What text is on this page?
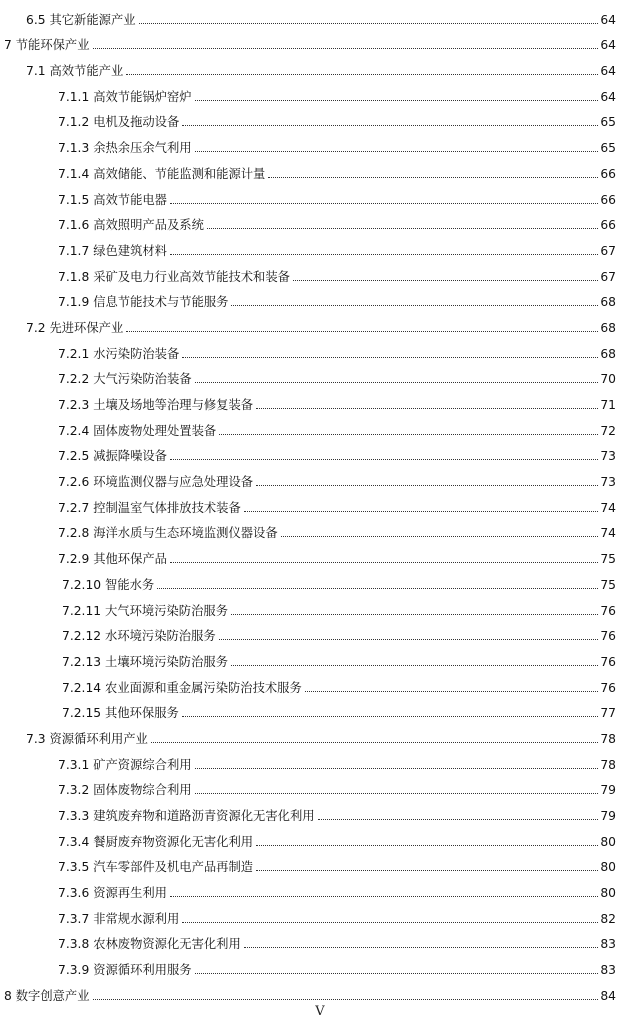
6.5 其它新能源产业	64
7 节能环保产业	64
7.1 高效节能产业	64
7.1.1 高效节能锅炉窑炉	64
7.1.2 电机及拖动设备	65
7.1.3 余热余压余气利用	65
7.1.4 高效储能、节能监测和能源计量	66
7.1.5 高效节能电器	66
7.1.6 高效照明产品及系统	66
7.1.7 绿色建筑材料	67
7.1.8 采矿及电力行业高效节能技术和装备	67
7.1.9 信息节能技术与节能服务	68
7.2 先进环保产业	68
7.2.1 水污染防治装备	68
7.2.2 大气污染防治装备	70
7.2.3 土壤及场地等治理与修复装备	71
7.2.4 固体废物处理处置装备	72
7.2.5 减振降噪设备	73
7.2.6 环境监测仪器与应急处理设备	73
7.2.7 控制温室气体排放技术装备	74
7.2.8 海洋水质与生态环境监测仪器设备	74
7.2.9 其他环保产品	75
7.2.10 智能水务	75
7.2.11 大气环境污染防治服务	76
7.2.12 水环境污染防治服务	76
7.2.13 土壤环境污染防治服务	76
7.2.14 农业面源和重金属污染防治技术服务	76
7.2.15 其他环保服务	77
7.3 资源循环利用产业	78
7.3.1 矿产资源综合利用	78
7.3.2 固体废物综合利用	79
7.3.3 建筑废弃物和道路沥青资源化无害化利用	79
7.3.4 餐厨废弃物资源化无害化利用	80
7.3.5 汽车零部件及机电产品再制造	80
7.3.6 资源再生利用	80
7.3.7 非常规水源利用	82
7.3.8 农林废物资源化无害化利用	83
7.3.9 资源循环利用服务	83
8 数字创意产业	84
V
